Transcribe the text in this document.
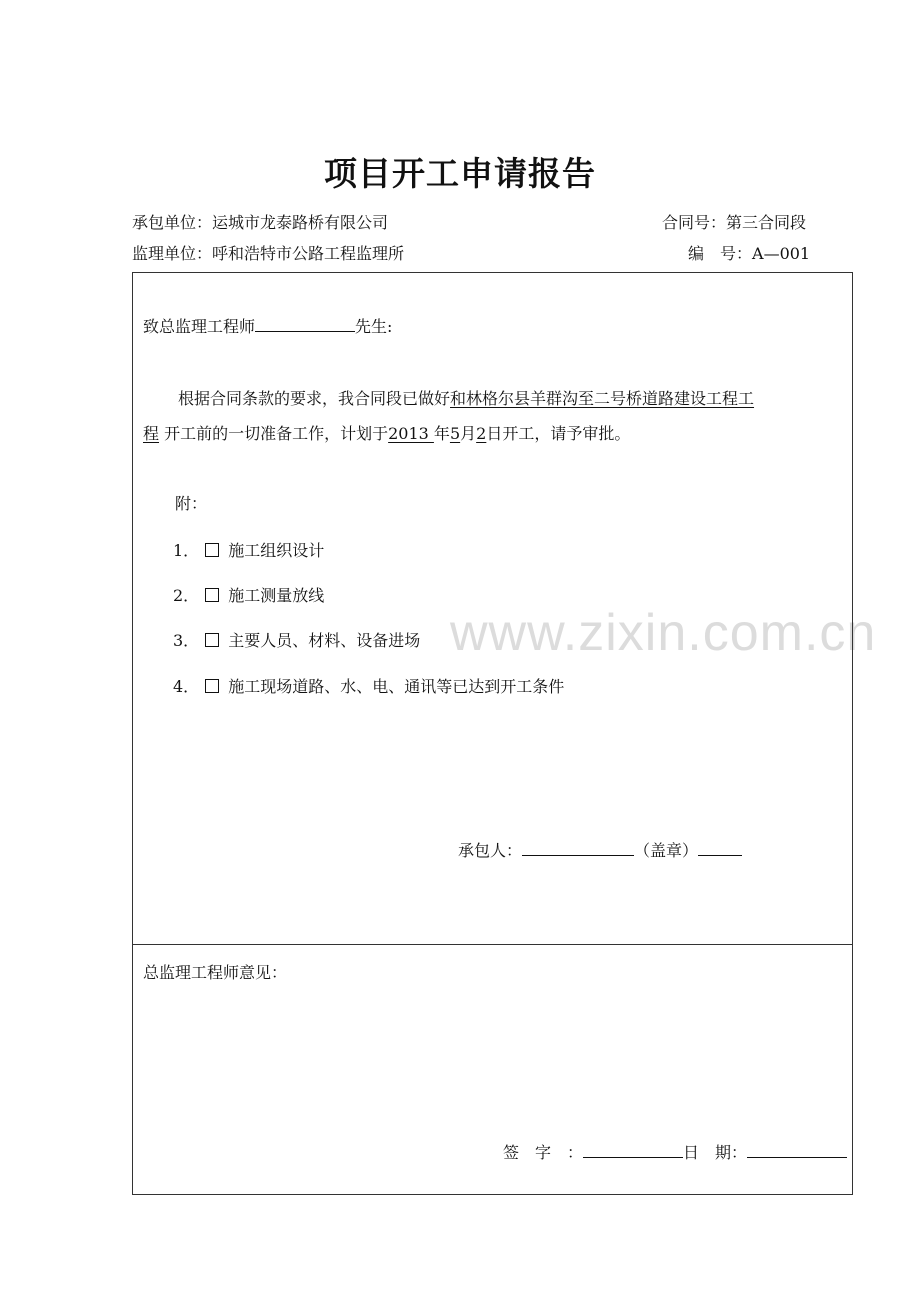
项目开工申请报告
承包单位：运城市龙泰路桥有限公司	合同号：第三合同段
监理单位：呼和浩特市公路工程监理所	编　号：A—001
www.zixin.com.cn
致总监理工程师	先生:
根据合同条款的要求，我合同段已做好和林格尔县羊群沟至二号桥道路建设工程工
程 开工前的一切准备工作，计划于2013 年5月2日开工，请予审批。
附：
1． 施工组织设计
2． 施工测量放线
3． 主要人员、材料、设备进场
4． 施工现场道路、水、电、通讯等已达到开工条件
承包人：	（盖章）
总监理工程师意见：
签　字　：	日　期：
